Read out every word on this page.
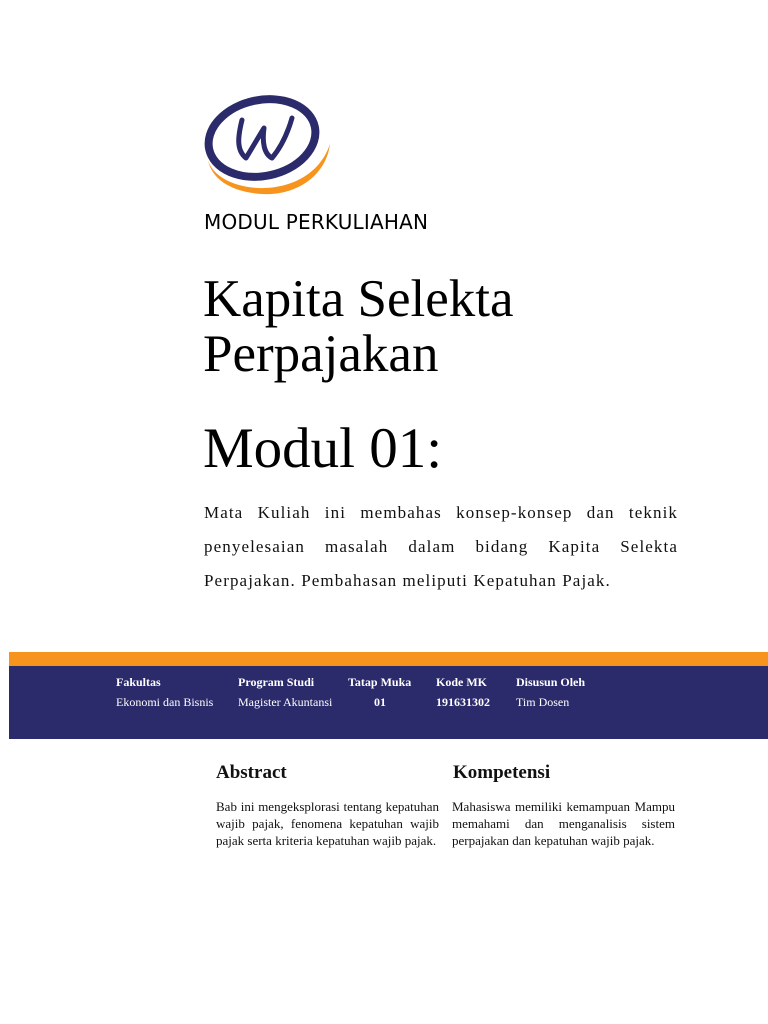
MODUL PERKULIAHAN
Kapita Selekta Perpajakan
Modul 01:
Mata Kuliah ini membahas konsep-konsep dan teknik penyelesaian masalah dalam bidang Kapita Selekta Perpajakan. Pembahasan meliputi Kepatuhan Pajak.
Fakultas
Ekonomi dan Bisnis
Program Studi
Magister Akuntansi
Tatap Muka
01
Kode MK
191631302
Disusun Oleh
Tim Dosen
Abstract
Bab ini mengeksplorasi tentang kepatuhan wajib pajak, fenomena kepatuhan wajib pajak serta kriteria kepatuhan wajib pajak.
Kompetensi
Mahasiswa memiliki kemampuan Mampu memahami dan menganalisis sistem perpajakan dan kepatuhan wajib pajak.
